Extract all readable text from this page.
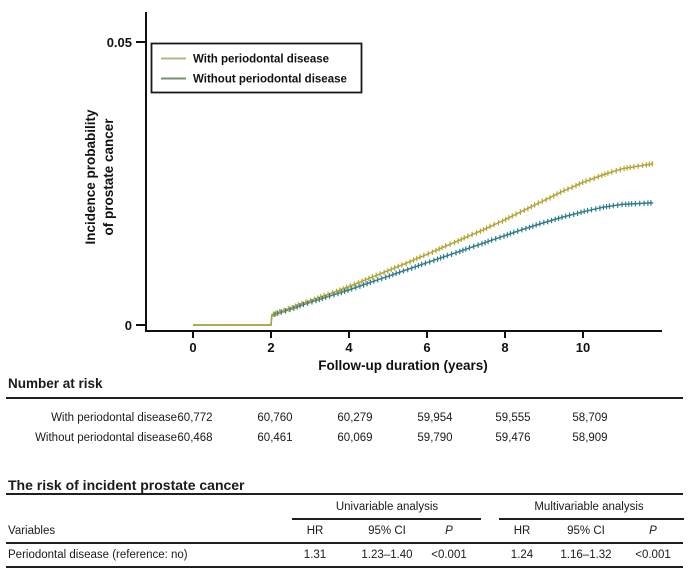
0.05
0
0	2	4	6	8	10
Follow-up duration (years)
Incidence probability of prostate cancer
With periodontal disease
Without periodontal disease
Number at risk
With periodontal disease 60,772	60,760	60,279	59,954	59,555	58,709
Without periodontal disease 60,468	60,461	60,069	59,790	59,476	58,909
The risk of incident prostate cancer
Univariable analysis	Multivariable analysis
Variables	HR	95% CI	P	HR	95% CI	P
Periodontal disease (reference: no)	1.31	1.23–1.40 <0.001	1.24 1.16–1.32 <0.001
